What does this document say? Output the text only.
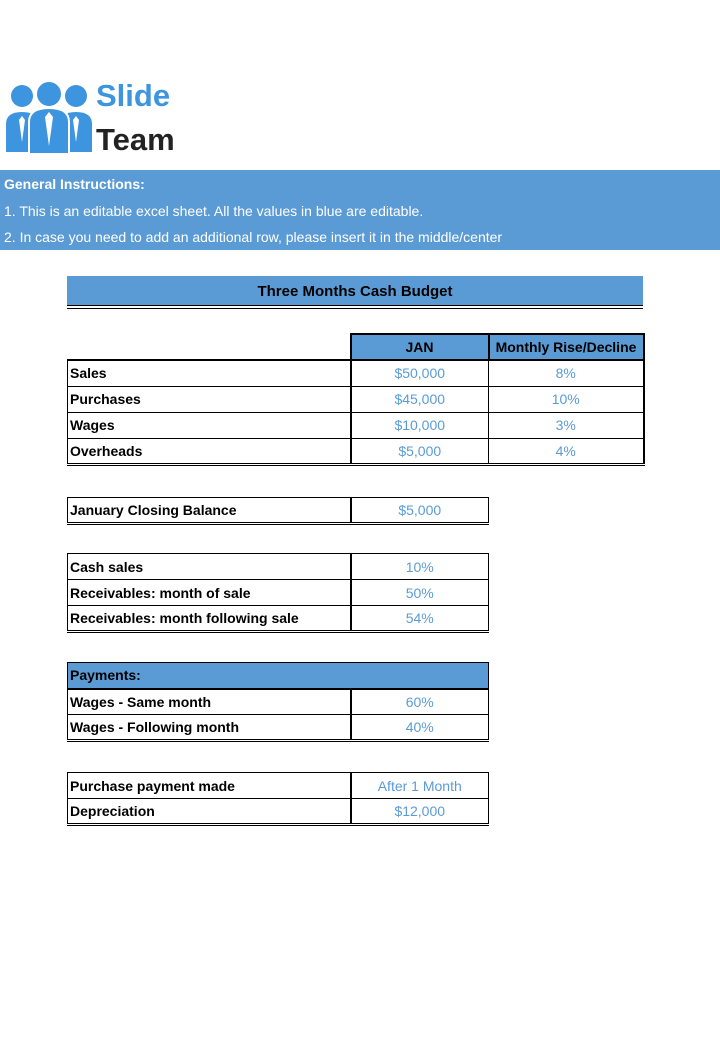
Slide
Team
General Instructions:
1. This is an editable excel sheet. All the values in blue are editable.
2. In case you need to add an additional row, please insert it in the middle/center
Three Months Cash Budget
	JAN	Monthly Rise/Decline
Sales	$50,000	8%
Purchases	$45,000	10%
Wages	$10,000	3%
Overheads	$5,000	4%
January Closing Balance	$5,000
Cash sales	10%
Receivables: month of sale	50%
Receivables: month following sale	54%
Payments:	
Wages - Same month	60%
Wages - Following month	40%
Purchase payment made	After 1 Month
Depreciation	$12,000
